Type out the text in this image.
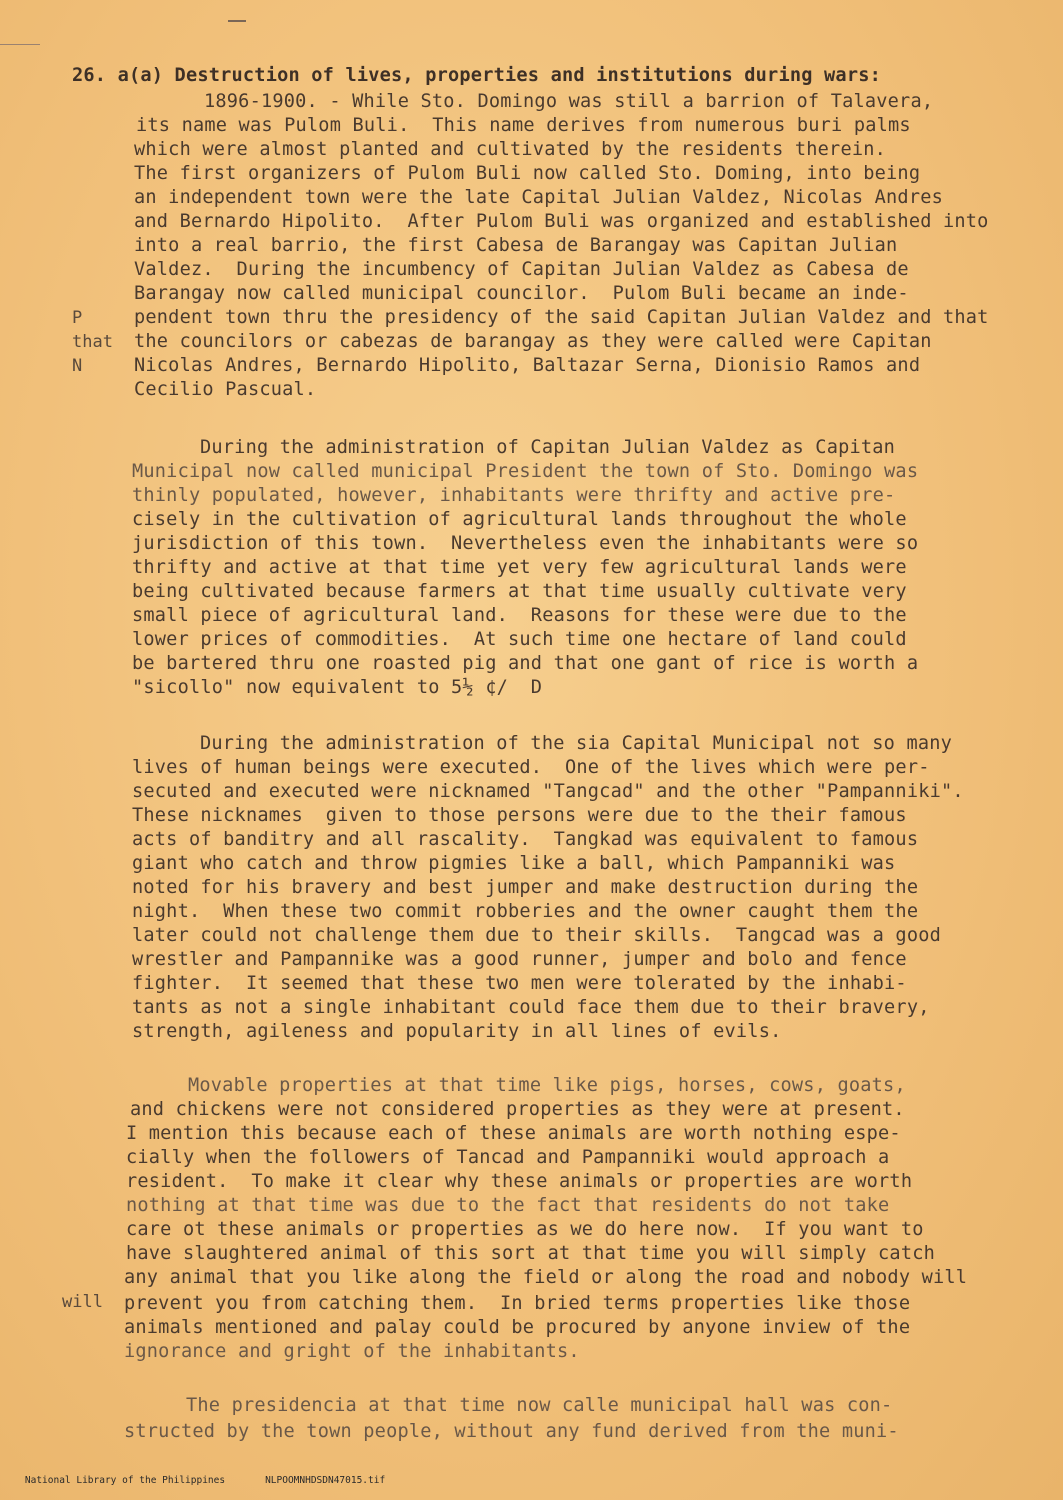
26. a(a) Destruction of lives, properties and institutions during wars:
1896-1900. - While Sto. Domingo was still a barrion of Talavera,
its name was Pulom Buli.  This name derives from numerous buri palms
which were almost planted and cultivated by the residents therein.
The first organizers of Pulom Buli now called Sto. Doming, into being
an independent town were the late Capital Julian Valdez, Nicolas Andres
and Bernardo Hipolito.  After Pulom Buli was organized and established into
into a real barrio, the first Cabesa de Barangay was Capitan Julian
Valdez.  During the incumbency of Capitan Julian Valdez as Cabesa de
Barangay now called municipal councilor.  Pulom Buli became an inde-
pendent town thru the presidency of the said Capitan Julian Valdez and that
the councilors or cabezas de barangay as they were called were Capitan
Nicolas Andres, Bernardo Hipolito, Baltazar Serna, Dionisio Ramos and
Cecilio Pascual.
P
that
N
will
During the administration of Capitan Julian Valdez as Capitan
Municipal now called municipal President the town of Sto. Domingo was
thinly populated, however, inhabitants were thrifty and active pre-
cisely in the cultivation of agricultural lands throughout the whole
jurisdiction of this town.  Nevertheless even the inhabitants were so
thrifty and active at that time yet very few agricultural lands were
being cultivated because farmers at that time usually cultivate very
small piece of agricultural land.  Reasons for these were due to the
lower prices of commodities.  At such time one hectare of land could
be bartered thru one roasted pig and that one gant of rice is worth a
"sicollo" now equivalent to 5½ ¢/  D
During the administration of the sia Capital Municipal not so many
lives of human beings were executed.  One of the lives which were per-
secuted and executed were nicknamed "Tangcad" and the other "Pampanniki".
These nicknames  given to those persons were due to the their famous
acts of banditry and all rascality.  Tangkad was equivalent to famous
giant who catch and throw pigmies like a ball, which Pampanniki was
noted for his bravery and best jumper and make destruction during the
night.  When these two commit robberies and the owner caught them the
later could not challenge them due to their skills.  Tangcad was a good
wrestler and Pampannike was a good runner, jumper and bolo and fence
fighter.  It seemed that these two men were tolerated by the inhabi-
tants as not a single inhabitant could face them due to their bravery,
strength, agileness and popularity in all lines of evils.
Movable properties at that time like pigs, horses, cows, goats,
and chickens were not considered properties as they were at present.
I mention this because each of these animals are worth nothing espe-
cially when the followers of Tancad and Pampanniki would approach a
resident.  To make it clear why these animals or properties are worth
nothing at that time was due to the fact that residents do not take
care ot these animals or properties as we do here now.  If you want to
have slaughtered animal of this sort at that time you will simply catch
any animal that you like along the field or along the road and nobody will
prevent you from catching them.  In bried terms properties like those
animals mentioned and palay could be procured by anyone inview of the
ignorance and gright of the inhabitants.
The presidencia at that time now calle municipal hall was con-
structed by the town people, without any fund derived from the muni-

National Library of the Philippines	NLPOOMNHDSDN47015.tif
